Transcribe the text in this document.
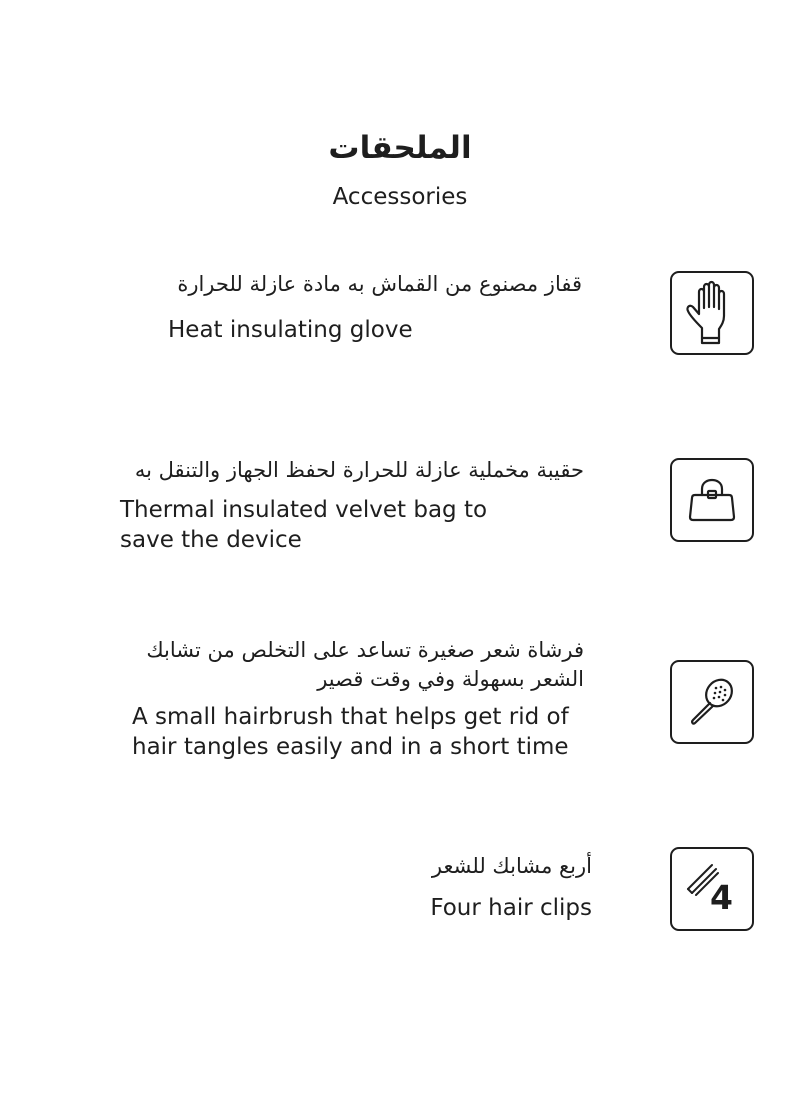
الملحقات
Accessories
قفاز مصنوع من القماش به مادة عازلة للحرارة
Heat insulating glove
حقيبة مخملية عازلة للحرارة لحفظ الجهاز والتنقل به
Thermal insulated velvet bag to save the device
فرشاة شعر صغيرة تساعد على التخلص من تشابك الشعر بسهولة وفي وقت قصير
A small hairbrush that helps get rid of hair tangles easily and in a short time
أربع مشابك للشعر
Four hair clips	4
